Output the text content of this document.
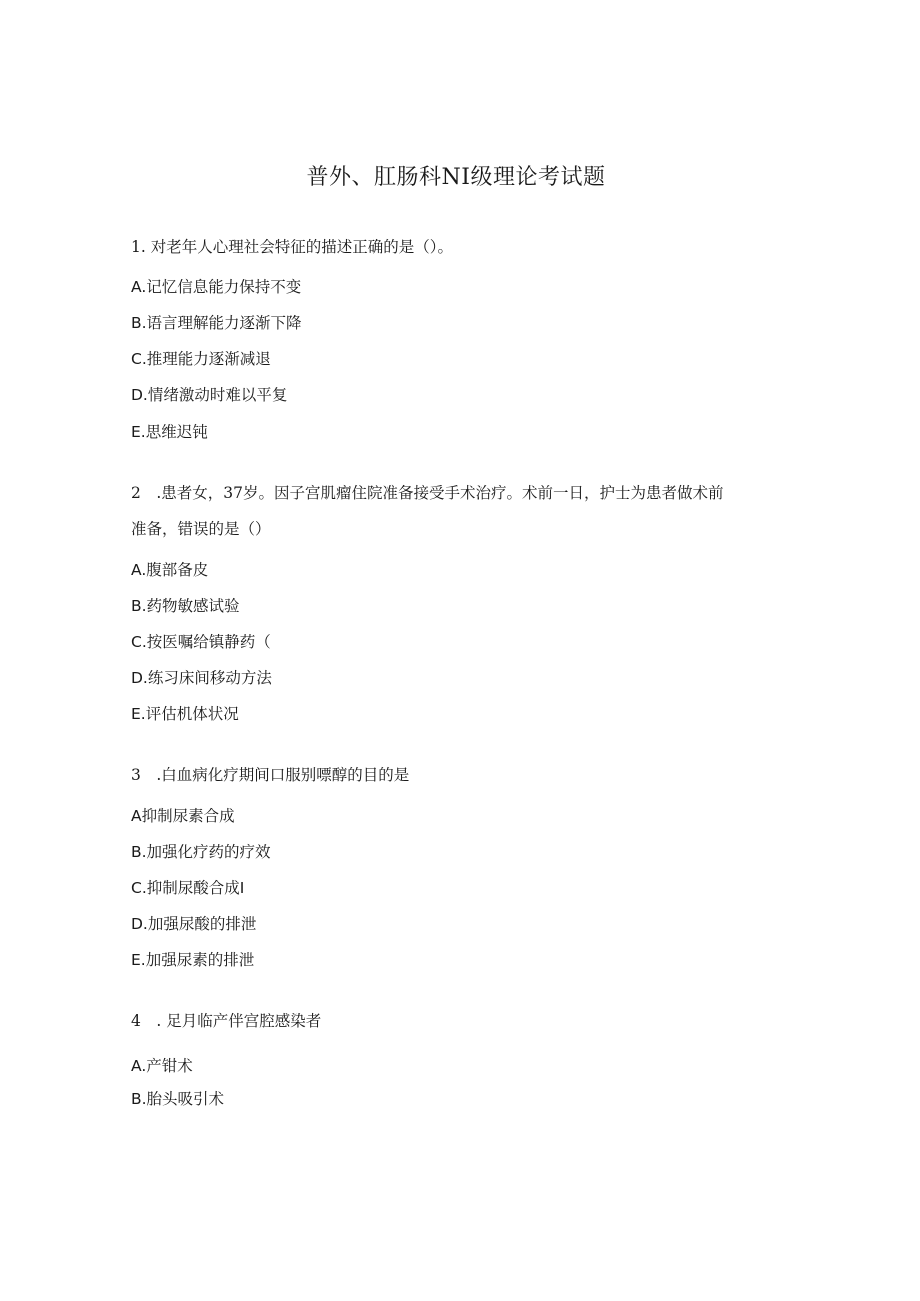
普外、肛肠科NI级理论考试题
1. 对老年人心理社会特征的描述正确的是（）。
A.记忆信息能力保持不变
B.语言理解能力逐渐下降
C.推理能力逐渐减退
D.情绪激动时难以平复
E.思维迟钝
2　.患者女，37岁。因子宫肌瘤住院准备接受手术治疗。术前一日，护士为患者做术前
准备，错误的是（）
A.腹部备皮
B.药物敏感试验
C.按医嘱给镇静药（
D.练习床间移动方法
E.评估机体状况
3　.白血病化疗期间口服别嘌醇的目的是
A抑制尿素合成
B.加强化疗药的疗效
C.抑制尿酸合成I
D.加强尿酸的排泄
E.加强尿素的排泄
4　. 足月临产伴宫腔感染者
A.产钳术
B.胎头吸引术
